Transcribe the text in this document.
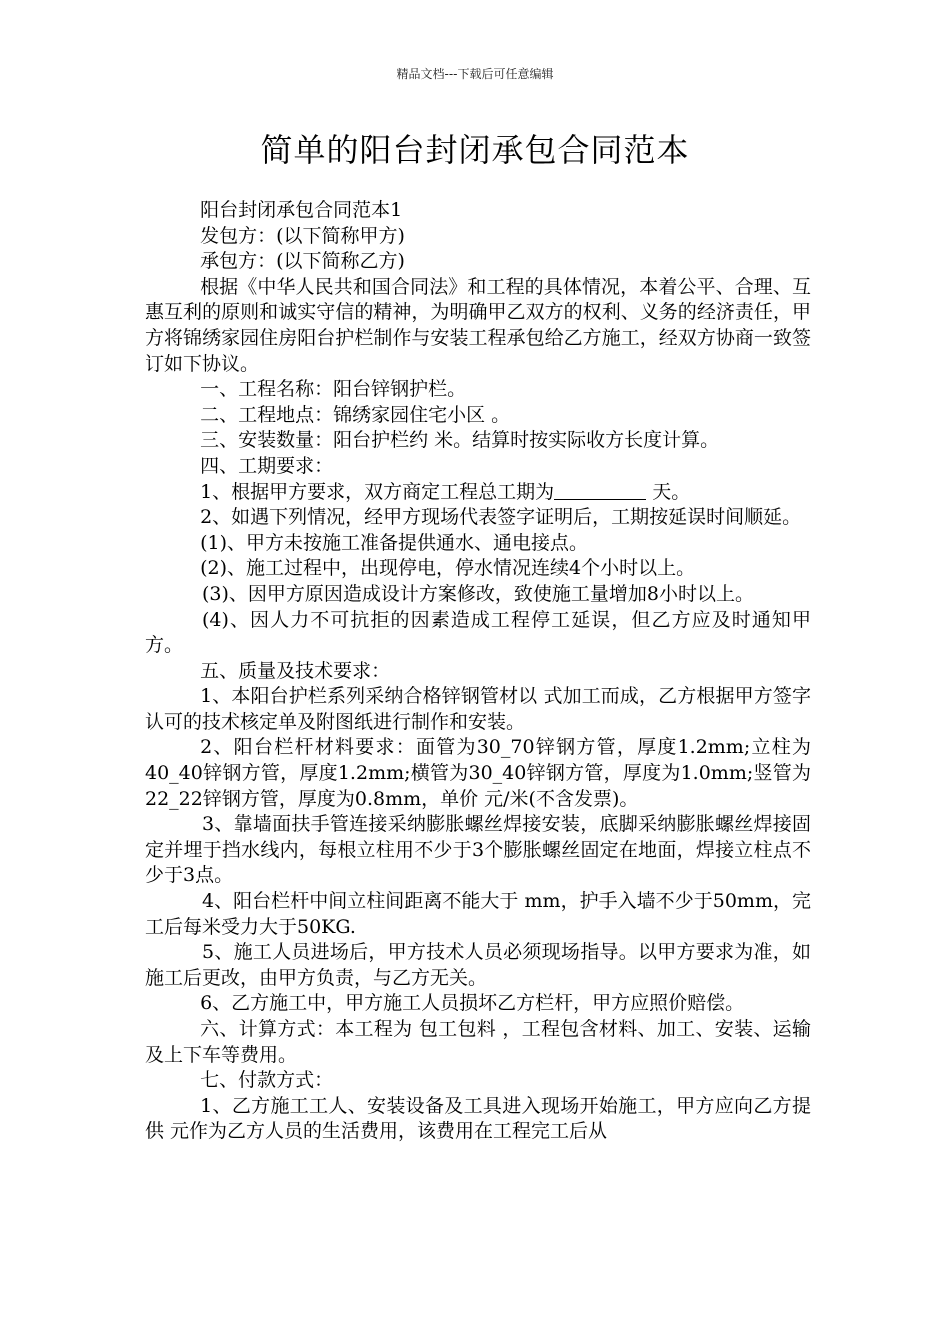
精品文档---下载后可任意编辑
简单的阳台封闭承包合同范本

阳台封闭承包合同范本1

发包方：(以下简称甲方)

承包方：(以下简称乙方)

根据《中华人民共和国合同法》和工程的具体情况，本着公平、合理、互惠互利的原则和诚实守信的精神，为明确甲乙双方的权利、义务的经济责任，甲方将锦绣家园住房阳台护栏制作与安装工程承包给乙方施工，经双方协商一致签订如下协议。

一、工程名称：阳台锌钢护栏。

二、工程地点：锦绣家园住宅小区 。

三、安装数量：阳台护栏约 米。结算时按实际收方长度计算。

四、工期要求：

1、根据甲方要求，双方商定工程总工期为	天。

2、如遇下列情况，经甲方现场代表签字证明后，工期按延误时间顺延。

(1)、甲方未按施工准备提供通水、通电接点。

(2)、施工过程中，出现停电，停水情况连续4个小时以上。

(3)、因甲方原因造成设计方案修改，致使施工量增加8小时以上。

(4)、因人力不可抗拒的因素造成工程停工延误，但乙方应及时通知甲方。

五、质量及技术要求：

1、本阳台护栏系列采纳合格锌钢管材以 式加工而成，乙方根据甲方签字认可的技术核定单及附图纸进行制作和安装。

2、阳台栏杆材料要求：面管为30_70锌钢方管，厚度1.2mm;立柱为 40_40锌钢方管，厚度1.2mm;横管为30_40锌钢方管，厚度为1.0mm;竖管为22_22锌钢方管，厚度为0.8mm，单价 元/米(不含发票)。

3、靠墙面扶手管连接采纳膨胀螺丝焊接安装，底脚采纳膨胀螺丝焊接固定并埋于挡水线内，每根立柱用不少于3个膨胀螺丝固定在地面，焊接立柱点不少于3点。

4、阳台栏杆中间立柱间距离不能大于 mm，护手入墙不少于50mm，完工后每米受力大于50KG.

5、施工人员进场后，甲方技术人员必须现场指导。以甲方要求为准，如施工后更改，由甲方负责，与乙方无关。

6、乙方施工中，甲方施工人员损坏乙方栏杆，甲方应照价赔偿。

六、计算方式：本工程为 包工包料 ，工程包含材料、加工、安装、运输及上下车等费用。

七、付款方式：

1、乙方施工工人、安装设备及工具进入现场开始施工，甲方应向乙方提供 元作为乙方人员的生活费用，该费用在工程完工后从
